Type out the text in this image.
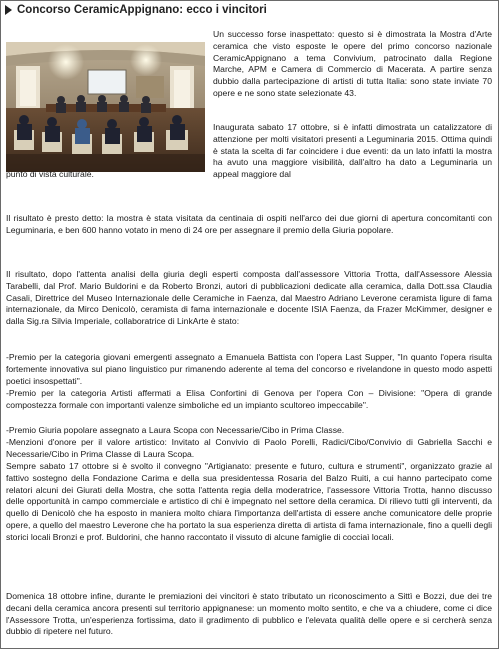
Concorso CeramicAppignano: ecco i vincitori

Un successo forse inaspettato: questo si è dimostrata la Mostra d'Arte ceramica che visto esposte le opere del primo concorso nazionale CeramicAppignano a tema Convivium, patrocinato dalla Regione Marche, APM e Camera di Commercio di Macerata. A partire senza dubbio dalla partecipazione di artisti di tutta Italia: sono state inviate 70 opere e ne sono state selezionate 43.

Inaugurata sabato 17 ottobre, si è infatti dimostrata un catalizzatore di attenzione per molti visitatori presenti a Leguminaria 2015. Ottima quindi è stata la scelta di far coincidere i due eventi: da un lato infatti la mostra ha avuto una maggiore visibilità, dall'altro ha dato a Leguminaria un appeal maggiore dal

punto di vista culturale.

Il risultato è presto detto: la mostra è stata visitata da centinaia di ospiti nell'arco dei due giorni di apertura concomitanti con Leguminaria, e ben 600 hanno votato in meno di 24 ore per assegnare il premio della Giuria popolare.

Il risultato, dopo l'attenta analisi della giuria degli esperti composta dall'assessore Vittoria Trotta, dall'Assessore Alessia Tarabelli, dal Prof. Mario Buldorini e da Roberto Bronzi, autori di pubblicazioni dedicate alla ceramica, dalla Dott.ssa Claudia Casali, Direttrice del Museo Internazionale delle Ceramiche in Faenza, dal Maestro Adriano Leverone ceramista ligure di fama internazionale, da Mirco Denicolò, ceramista di fama internazionale e docente ISIA Faenza, da Frazer McKimmer, designer e dalla Sig.ra Silvia Imperiale, collaboratrice di LinkArte è stato:

-Premio per la categoria giovani emergenti assegnato a Emanuela Battista con l'opera Last Supper, "In quanto l'opera risulta fortemente innovativa sul piano linguistico pur rimanendo aderente al tema del concorso e rivelandone in questo modo aspetti poetici insospettati".

-Premio per la categoria Artisti affermati a Elisa Confortini di Genova per l'opera Con – Divisione: "Opera di grande compostezza formale con importanti valenze simboliche ed un impianto scultoreo impeccabile".

-Premio Giuria popolare assegnato a Laura Scopa con Necessarie/Cibo in Prima Classe.

-Menzioni d'onore per il valore artistico: Invitato al Convivio di Paolo Porelli, Radici/Cibo/Convivio di Gabriella Sacchi e Necessarie/Cibo in Prima Classe di Laura Scopa.

Sempre sabato 17 ottobre si è svolto il convegno "Artigianato: presente e futuro, cultura e strumenti", organizzato grazie al fattivo sostegno della Fondazione Carima e della sua presidentessa Rosaria del Balzo Ruiti, a cui hanno partecipato come relatori alcuni dei Giurati della Mostra, che sotta l'attenta regia della moderatrice, l'assessore Vittoria Trotta, hanno discusso delle opportunità in campo commerciale e artistico di chi è impegnato nel settore della ceramica. Di rilievo tutti gli interventi, da quello di Denicolò che ha esposto in maniera molto chiara l'importanza dell'artista di essere anche comunicatore delle proprie opere, a quello del maestro Leverone che ha portato la sua esperienza diretta di artista di fama internazionale, fino a quelli degli storici locali Bronzi e prof. Buldorini, che hanno raccontato il vissuto di alcune famiglie di cocciaì locali.

Domenica 18 ottobre infine, durante le premiazioni dei vincitori è stato tributato un riconoscimento a Sittì e Bozzi, due dei tre decani della ceramica ancora presenti sul territorio appignanese: un momento molto sentito, e che va a chiudere, come ci dice l'Assessore Trotta, un'esperienza fortissima, dato il gradimento di pubblico e l'elevata qualità delle opere e si cercherà senza dubbio di ripetere nel futuro.
